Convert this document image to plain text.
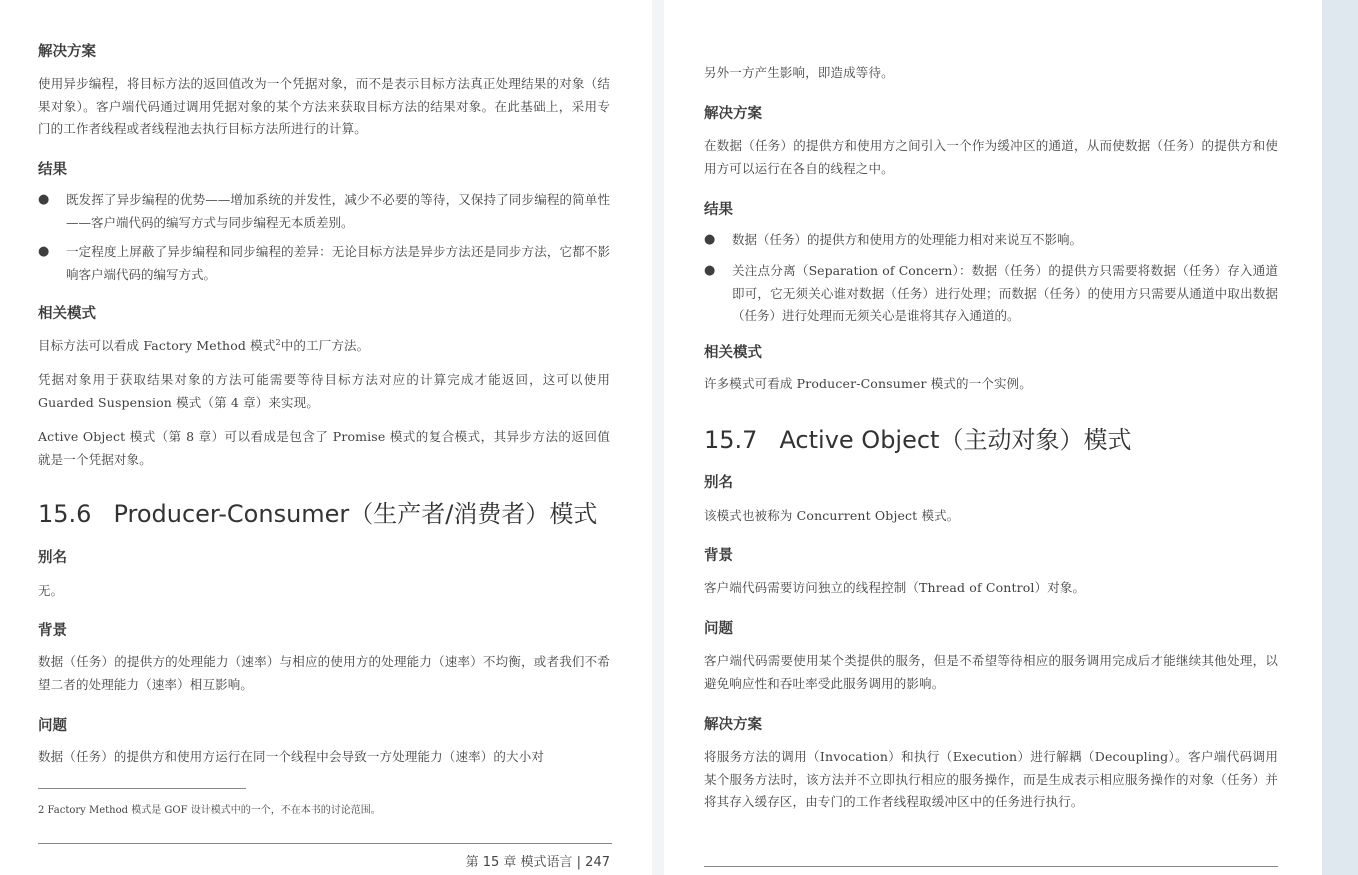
解决方案

使用异步编程，将目标方法的返回值改为一个凭据对象，而不是表示目标方法真正处理结果的对象（结果对象）。客户端代码通过调用凭据对象的某个方法来获取目标方法的结果对象。在此基础上，采用专门的工作者线程或者线程池去执行目标方法所进行的计算。

结果
● 既发挥了异步编程的优势——增加系统的并发性，减少不必要的等待，又保持了同步编程的简单性——客户端代码的编写方式与同步编程无本质差别。
● 一定程度上屏蔽了异步编程和同步编程的差异：无论目标方法是异步方法还是同步方法，它都不影响客户端代码的编写方式。
相关模式

目标方法可以看成 Factory Method 模式$^2$中的工厂方法。

凭据对象用于获取结果对象的方法可能需要等待目标方法对应的计算完成才能返回，这可以使用 Guarded Suspension 模式（第 4 章）来实现。

Active Object 模式（第 8 章）可以看成是包含了 Promise 模式的复合模式，其异步方法的返回值就是一个凭据对象。

15.6 Producer-Consumer（生产者/消费者）模式
别名

无。

背景

数据（任务）的提供方的处理能力（速率）与相应的使用方的处理能力（速率）不均衡，或者我们不希望二者的处理能力（速率）相互影响。

问题

数据（任务）的提供方和使用方运行在同一个线程中会导致一方处理能力（速率）的大小对

2 Factory Method 模式是 GOF 设计模式中的一个，不在本书的讨论范围。
第 15 章 模式语言 | 247

另外一方产生影响，即造成等待。

解决方案

在数据（任务）的提供方和使用方之间引入一个作为缓冲区的通道，从而使数据（任务）的提供方和使用方可以运行在各自的线程之中。

结果
● 数据（任务）的提供方和使用方的处理能力相对来说互不影响。
● 关注点分离（Separation of Concern）：数据（任务）的提供方只需要将数据（任务）存入通道即可，它无须关心谁对数据（任务）进行处理；而数据（任务）的使用方只需要从通道中取出数据（任务）进行处理而无须关心是谁将其存入通道的。
相关模式

许多模式可看成 Producer-Consumer 模式的一个实例。

15.7 Active Object（主动对象）模式
别名

该模式也被称为 Concurrent Object 模式。

背景

客户端代码需要访问独立的线程控制（Thread of Control）对象。

问题

客户端代码需要使用某个类提供的服务，但是不希望等待相应的服务调用完成后才能继续其他处理，以避免响应性和吞吐率受此服务调用的影响。

解决方案

将服务方法的调用（Invocation）和执行（Execution）进行解耦（Decoupling）。客户端代码调用某个服务方法时，该方法并不立即执行相应的服务操作，而是生成表示相应服务操作的对象（任务）并将其存入缓存区，由专门的工作者线程取缓冲区中的任务进行执行。
